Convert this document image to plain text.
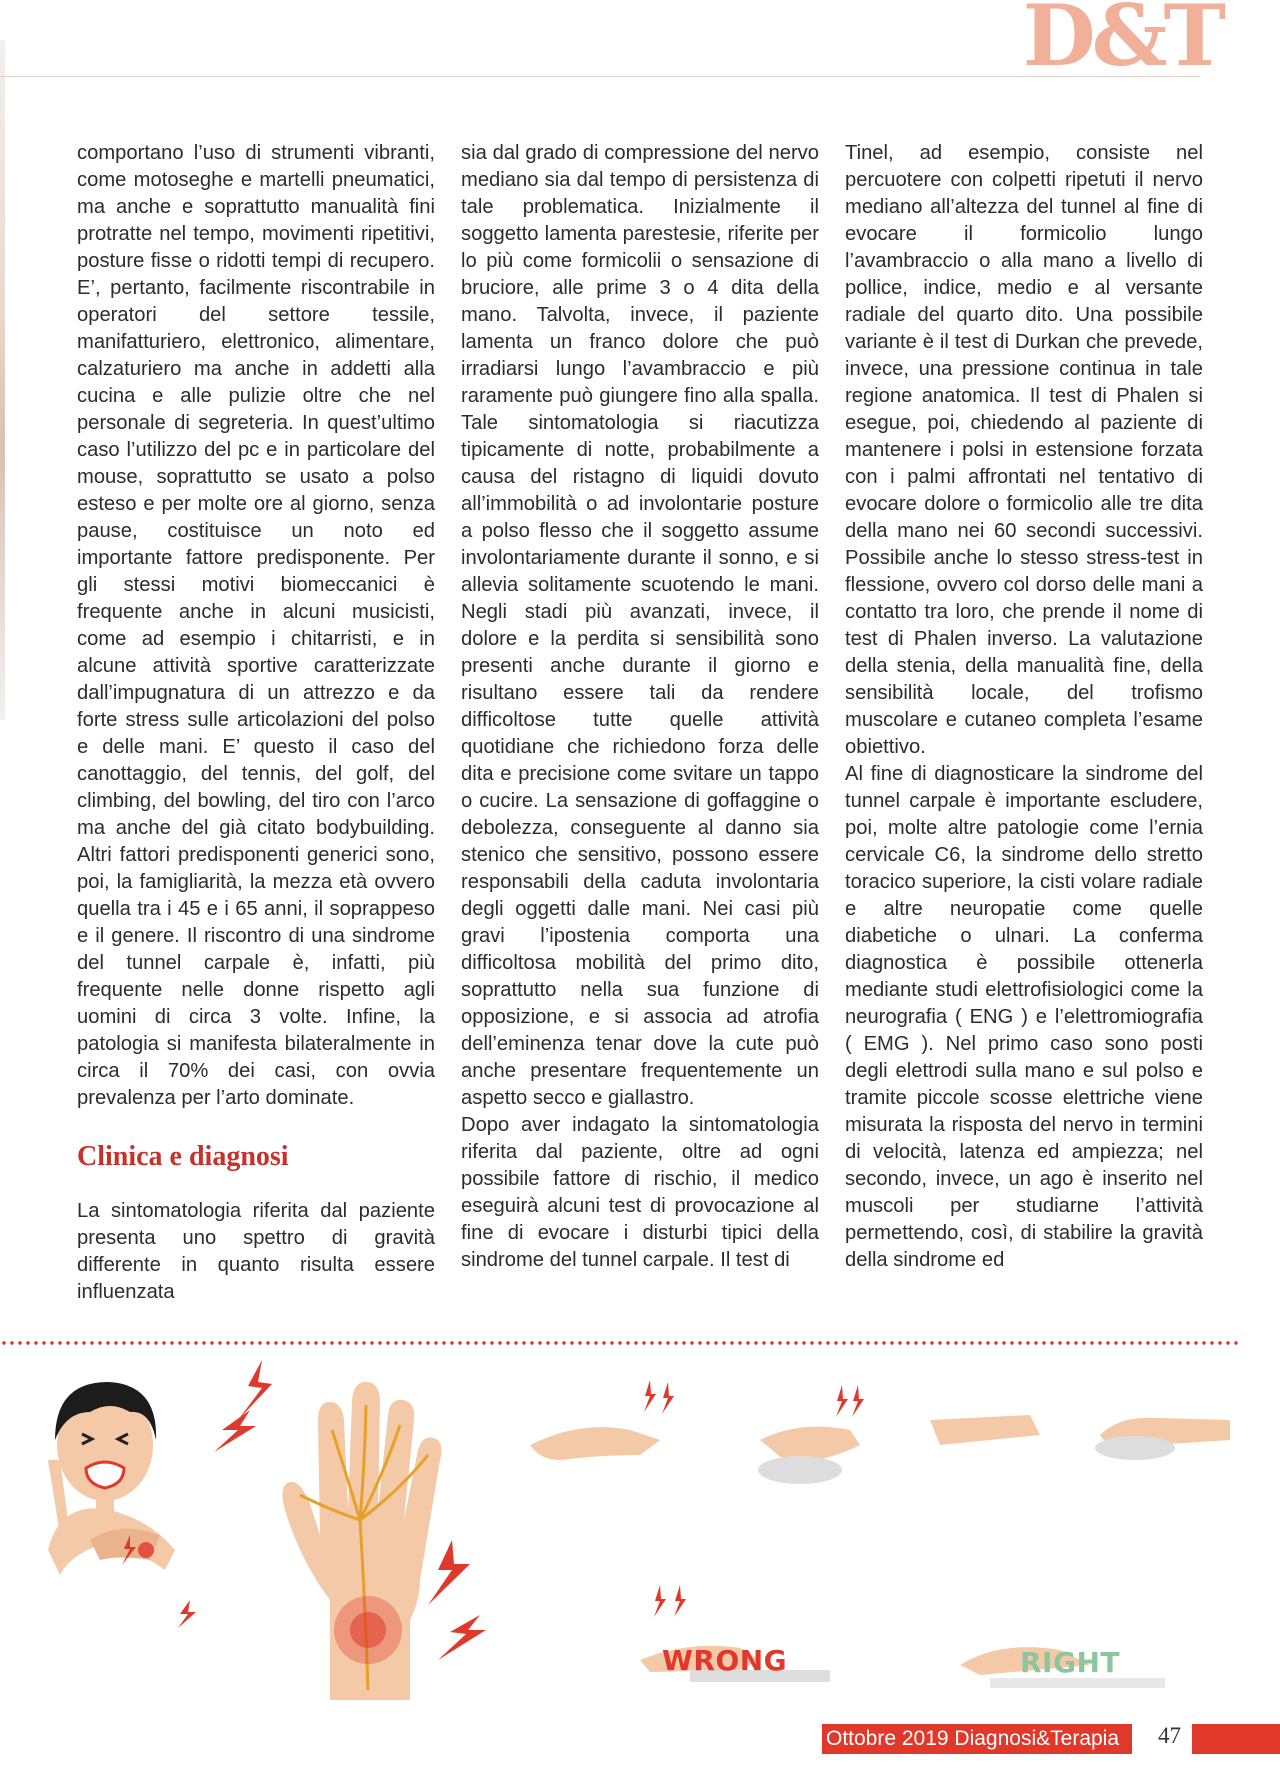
D&T

comportano l’uso di strumenti vibranti, come motoseghe e martelli pneumatici, ma anche e soprattutto manualità fini protratte nel tempo, movimenti ripetitivi, posture fisse o ridotti tempi di recupero. E’, pertanto, facilmente riscontrabile in operatori del settore tessile, manifatturiero, elettronico, alimentare, calzaturiero ma anche in addetti alla cucina e alle pulizie oltre che nel personale di segreteria. In quest’ultimo caso l’utilizzo del pc e in particolare del mouse, soprattutto se usato a polso esteso e per molte ore al giorno, senza pause, costituisce un noto ed importante fattore predisponente. Per gli stessi motivi biomeccanici è frequente anche in alcuni musicisti, come ad esempio i chitarristi, e in alcune attività sportive caratterizzate dall’impugnatura di un attrezzo e da forte stress sulle articolazioni del polso e delle mani. E’ questo il caso del canottaggio, del tennis, del golf, del climbing, del bowling, del tiro con l’arco ma anche del già citato bodybuilding. Altri fattori predisponenti generici sono, poi, la famigliarità, la mezza età ovvero quella tra i 45 e i 65 anni, il soprappeso e il genere. Il riscontro di una sindrome del tunnel carpale è, infatti, più frequente nelle donne rispetto agli uomini di circa 3 volte. Infine, la patologia si manifesta bilateralmente in circa il 70% dei casi, con ovvia prevalenza per l’arto dominate.

Clinica e diagnosi

La sintomatologia riferita dal paziente presenta uno spettro di gravità differente in quanto risulta essere influenzata

sia dal grado di compressione del nervo mediano sia dal tempo di persistenza di tale problematica. Inizialmente il soggetto lamenta parestesie, riferite per lo più come formicolii o sensazione di bruciore, alle prime 3 o 4 dita della mano. Talvolta, invece, il paziente lamenta un franco dolore che può irradiarsi lungo l’avambraccio e più raramente può giungere fino alla spalla. Tale sintomatologia si riacutizza tipicamente di notte, probabilmente a causa del ristagno di liquidi dovuto all’immobilità o ad involontarie posture a polso flesso che il soggetto assume involontariamente durante il sonno, e si allevia solitamente scuotendo le mani. Negli stadi più avanzati, invece, il dolore e la perdita si sensibilità sono presenti anche durante il giorno e risultano essere tali da rendere difficoltose tutte quelle attività quotidiane che richiedono forza delle dita e precisione come svitare un tappo o cucire. La sensazione di goffaggine o debolezza, conseguente al danno sia stenico che sensitivo, possono essere responsabili della caduta involontaria degli oggetti dalle mani. Nei casi più gravi l’ipostenia comporta una difficoltosa mobilità del primo dito, soprattutto nella sua funzione di opposizione, e si associa ad atrofia dell’eminenza tenar dove la cute può anche presentare frequentemente un aspetto secco e giallastro.

Dopo aver indagato la sintomatologia riferita dal paziente, oltre ad ogni possibile fattore di rischio, il medico eseguirà alcuni test di provocazione al fine di evocare i disturbi tipici della sindrome del tunnel carpale. Il test di

Tinel, ad esempio, consiste nel percuotere con colpetti ripetuti il nervo mediano all’altezza del tunnel al fine di evocare il formicolio lungo l’avambraccio o alla mano a livello di pollice, indice, medio e al versante radiale del quarto dito. Una possibile variante è il test di Durkan che prevede, invece, una pressione continua in tale regione anatomica. Il test di Phalen si esegue, poi, chiedendo al paziente di mantenere i polsi in estensione forzata con i palmi affrontati nel tentativo di evocare dolore o formicolio alle tre dita della mano nei 60 secondi successivi. Possibile anche lo stesso stress-test in flessione, ovvero col dorso delle mani a contatto tra loro, che prende il nome di test di Phalen inverso. La valutazione della stenia, della manualità fine, della sensibilità locale, del trofismo muscolare e cutaneo completa l’esame obiettivo.

Al fine di diagnosticare la sindrome del tunnel carpale è importante escludere, poi, molte altre patologie come l’ernia cervicale C6, la sindrome dello stretto toracico superiore, la cisti volare radiale e altre neuropatie come quelle diabetiche o ulnari. La conferma diagnostica è possibile ottenerla mediante studi elettrofisiologici come la neurografia ( ENG ) e l’elettromiografia ( EMG ). Nel primo caso sono posti degli elettrodi sulla mano e sul polso e tramite piccole scosse elettriche viene misurata la risposta del nervo in termini di velocità, latenza ed ampiezza; nel secondo, invece, un ago è inserito nel muscoli per studiarne l’attività permettendo, così, di stabilire la gravità della sindrome ed

WRONG	RIGHT
Ottobre 2019 Diagnosi&Terapia 47
